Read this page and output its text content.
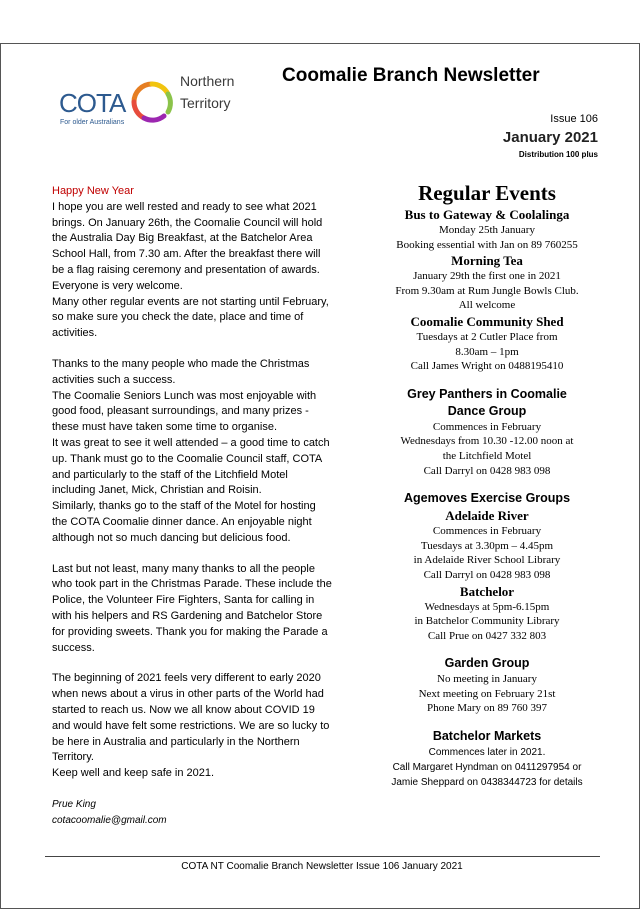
COTA
For older Australians
Northern
Territory
Coomalie Branch Newsletter
Issue 106
January 2021
Distribution 100 plus

Happy New Year

I hope you are well rested and ready to see what 2021 brings. On January 26th, the Coomalie Council will hold the Australia Day Big Breakfast, at the Batchelor Area School Hall, from 7.30 am. After the breakfast there will be a flag raising ceremony and presentation of awards. Everyone is very welcome.

Many other regular events are not starting until February, so make sure you check the date, place and time of activities.

Thanks to the many people who made the Christmas activities such a success.

The Coomalie Seniors Lunch was most enjoyable with good food, pleasant surroundings, and many prizes - these must have taken some time to organise.

It was great to see it well attended – a good time to catch up. Thank must go to the Coomalie Council staff, COTA and particularly to the staff of the Litchfield Motel including Janet, Mick, Christian and Roisin.

Similarly, thanks go to the staff of the Motel for hosting the COTA Coomalie dinner dance. An enjoyable night although not so much dancing but delicious food.

Last but not least, many many thanks to all the people who took part in the Christmas Parade. These include the Police, the Volunteer Fire Fighters, Santa for calling in with his helpers and RS Gardening and Batchelor Store for providing sweets. Thank you for making the Parade a success.

The beginning of 2021 feels very different to early 2020 when news about a virus in other parts of the World had started to reach us. Now we all know about COVID 19 and would have felt some restrictions. We are so lucky to be here in Australia and particularly in the Northern Territory.

Keep well and keep safe in 2021.

Prue King

cotacoomalie@gmail.com

Regular Events
Bus to Gateway & Coolalinga
Monday 25th January
Booking essential with Jan on 89 760255
Morning Tea
January 29th the first one in 2021
From 9.30am at Rum Jungle Bowls Club.
All welcome
Coomalie Community Shed
Tuesdays at 2 Cutler Place from
8.30am – 1pm
Call James Wright on 0488195410
Grey Panthers in Coomalie
Dance Group
Commences in February
Wednesdays from 10.30 -12.00 noon at
the Litchfield Motel
Call Darryl on 0428 983 098
Agemoves Exercise Groups
Adelaide River
Commences in February
Tuesdays at 3.30pm – 4.45pm
in Adelaide River School Library
Call Darryl on 0428 983 098
Batchelor
Wednesdays at 5pm-6.15pm
in Batchelor Community Library
Call Prue on 0427 332 803
Garden Group
No meeting in January
Next meeting on February 21st
Phone Mary on 89 760 397
Batchelor Markets
Commences later in 2021.
Call Margaret Hyndman on 0411297954 or
Jamie Sheppard on 0438344723 for details
COTA NT Coomalie Branch Newsletter Issue 106 January 2021
